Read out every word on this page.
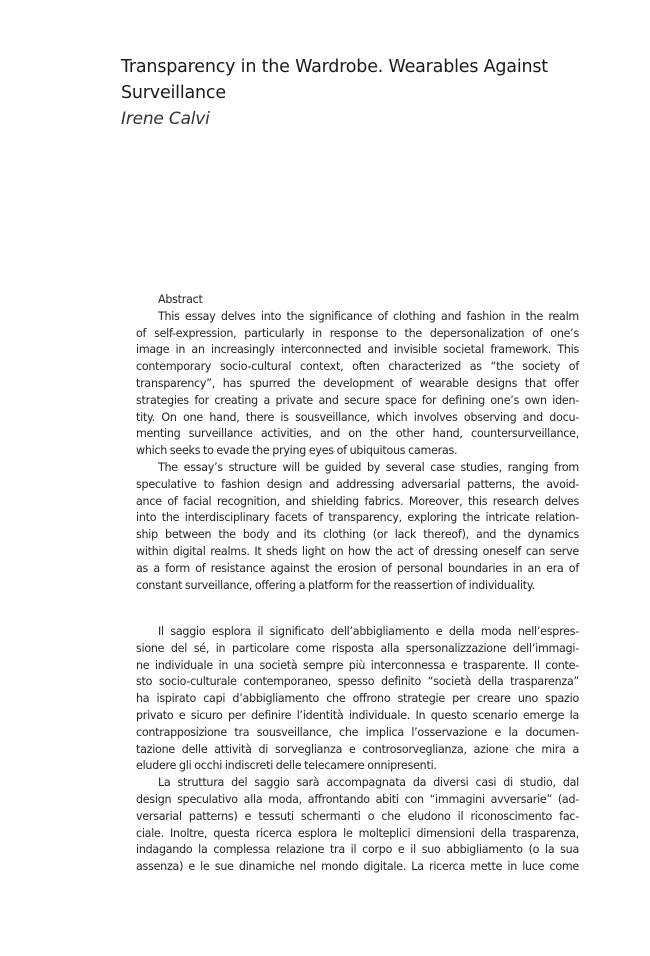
Transparency in the Wardrobe. Wearables Against
Surveillance
Irene Calvi
Abstract
This essay delves into the significance of clothing and fashion in the realm
of self-expression, particularly in response to the depersonalization of one’s
image in an increasingly interconnected and invisible societal framework. This
contemporary socio-cultural context, often characterized as “the society of
transparency”, has spurred the development of wearable designs that offer
strategies for creating a private and secure space for defining one’s own iden-
tity. On one hand, there is sousveillance, which involves observing and docu-
menting surveillance activities, and on the other hand, countersurveillance,
which seeks to evade the prying eyes of ubiquitous cameras.
The essay’s structure will be guided by several case studies, ranging from
speculative to fashion design and addressing adversarial patterns, the avoid-
ance of facial recognition, and shielding fabrics. Moreover, this research delves
into the interdisciplinary facets of transparency, exploring the intricate relation-
ship between the body and its clothing (or lack thereof), and the dynamics
within digital realms. It sheds light on how the act of dressing oneself can serve
as a form of resistance against the erosion of personal boundaries in an era of
constant surveillance, offering a platform for the reassertion of individuality.
Il saggio esplora il significato dell’abbigliamento e della moda nell’espres-
sione del sé, in particolare come risposta alla spersonalizzazione dell’immagi-
ne individuale in una società sempre più interconnessa e trasparente. Il conte-
sto socio-culturale contemporaneo, spesso definito “società della trasparenza”
ha ispirato capi d’abbigliamento che offrono strategie per creare uno spazio
privato e sicuro per definire l’identità individuale. In questo scenario emerge la
contrapposizione tra sousveillance, che implica l’osservazione e la documen-
tazione delle attività di sorveglianza e controsorveglianza, azione che mira a
eludere gli occhi indiscreti delle telecamere onnipresenti.
La struttura del saggio sarà accompagnata da diversi casi di studio, dal
design speculativo alla moda, affrontando abiti con “immagini avversarie” (ad-
versarial patterns) e tessuti schermanti o che eludono il riconoscimento fac-
ciale. Inoltre, questa ricerca esplora le molteplici dimensioni della trasparenza,
indagando la complessa relazione tra il corpo e il suo abbigliamento (o la sua
assenza) e le sue dinamiche nel mondo digitale. La ricerca mette in luce come
